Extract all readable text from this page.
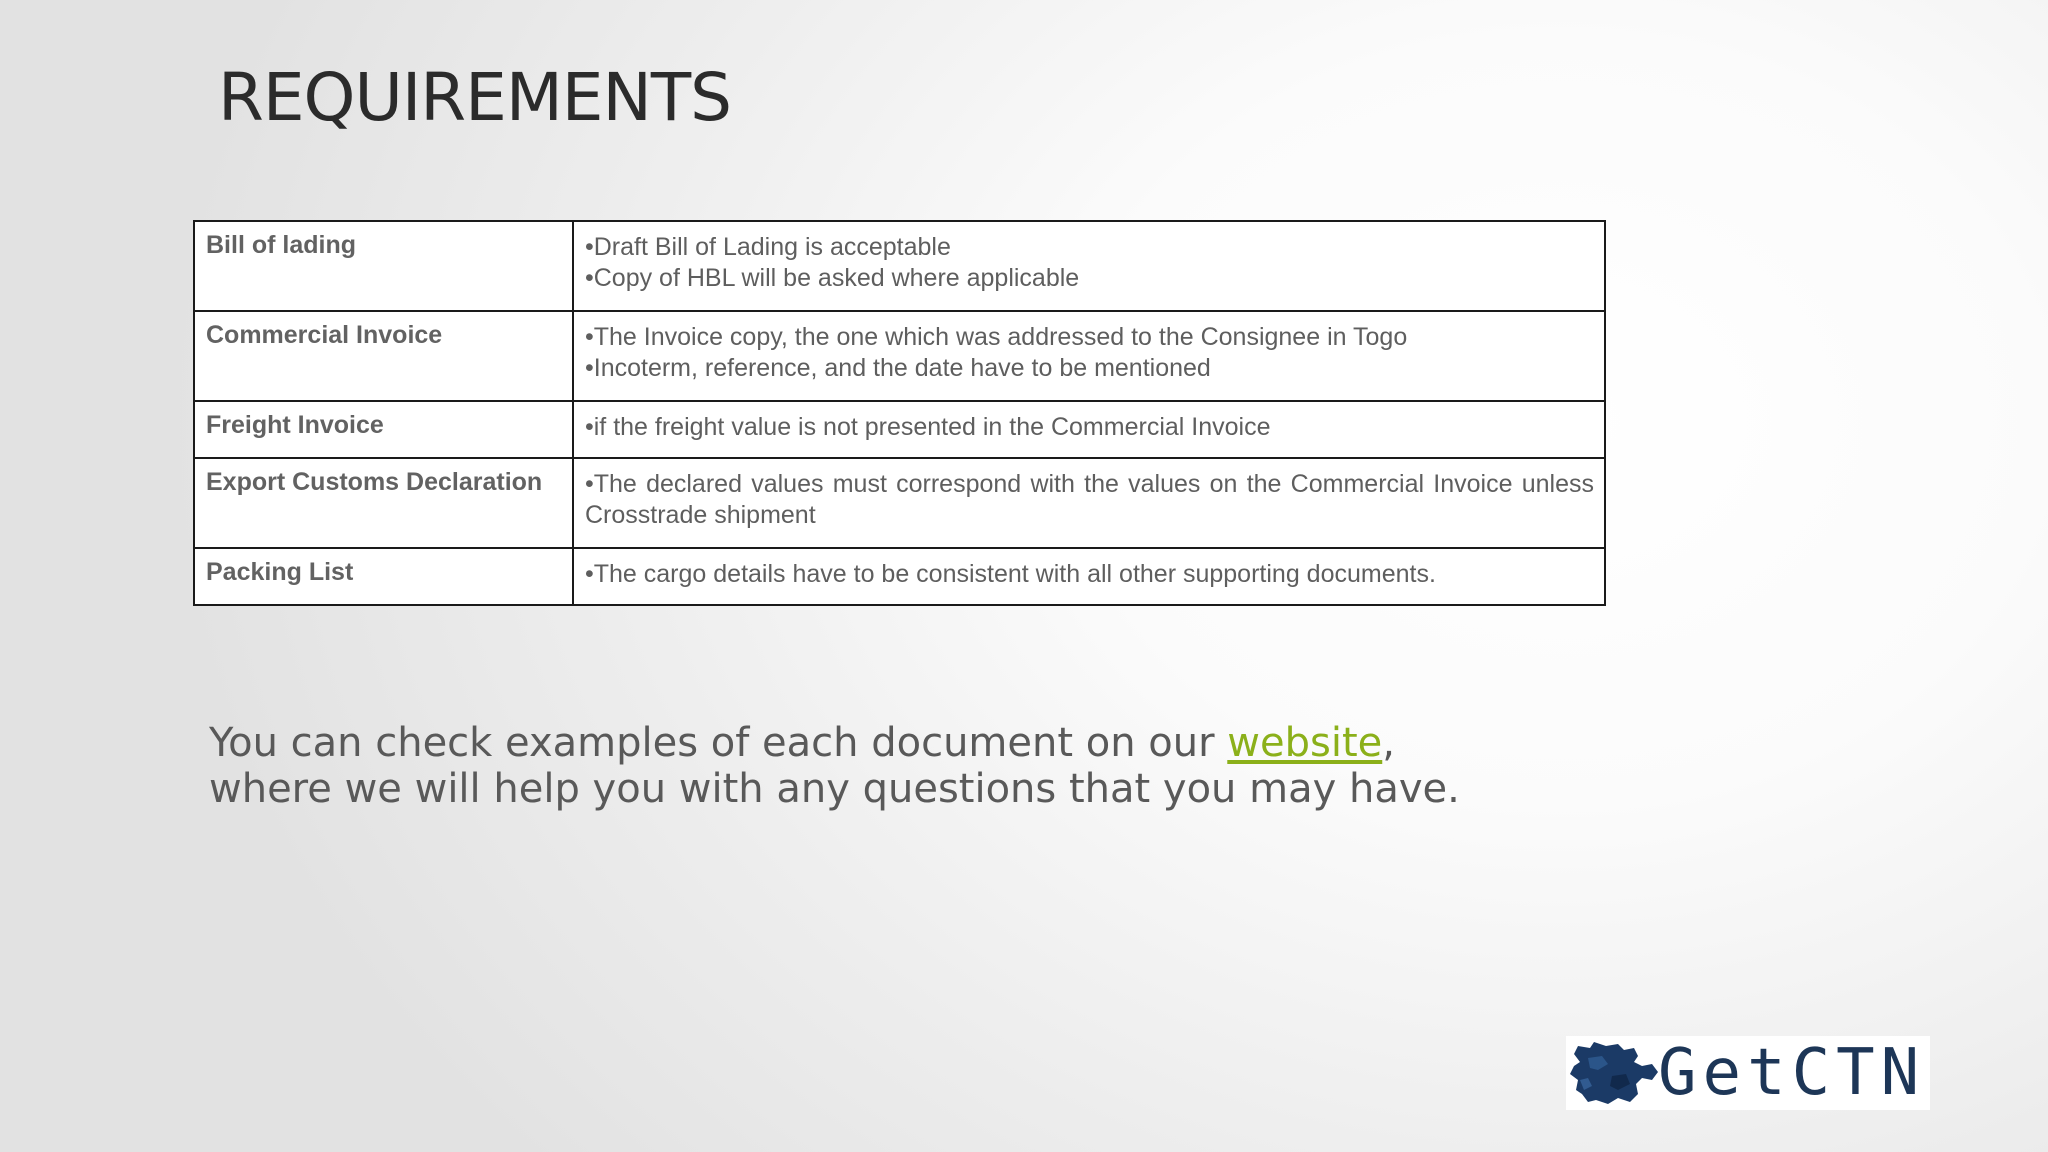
REQUIREMENTS
Bill of lading	•Draft Bill of Lading is acceptable
•Copy of HBL will be asked where applicable

Commercial Invoice	•The Invoice copy, the one which was addressed to the Consignee in Togo
•Incoterm, reference, and the date have to be mentioned

Freight Invoice	•if the freight value is not presented in the Commercial Invoice

Export Customs Declaration	•The declared values must correspond with the values on the Commercial Invoice unless Crosstrade shipment

Packing List	•The cargo details have to be consistent with all other supporting documents.

You can check examples of each document on our website, where we will help you with any questions that you may have.

GetCTN
